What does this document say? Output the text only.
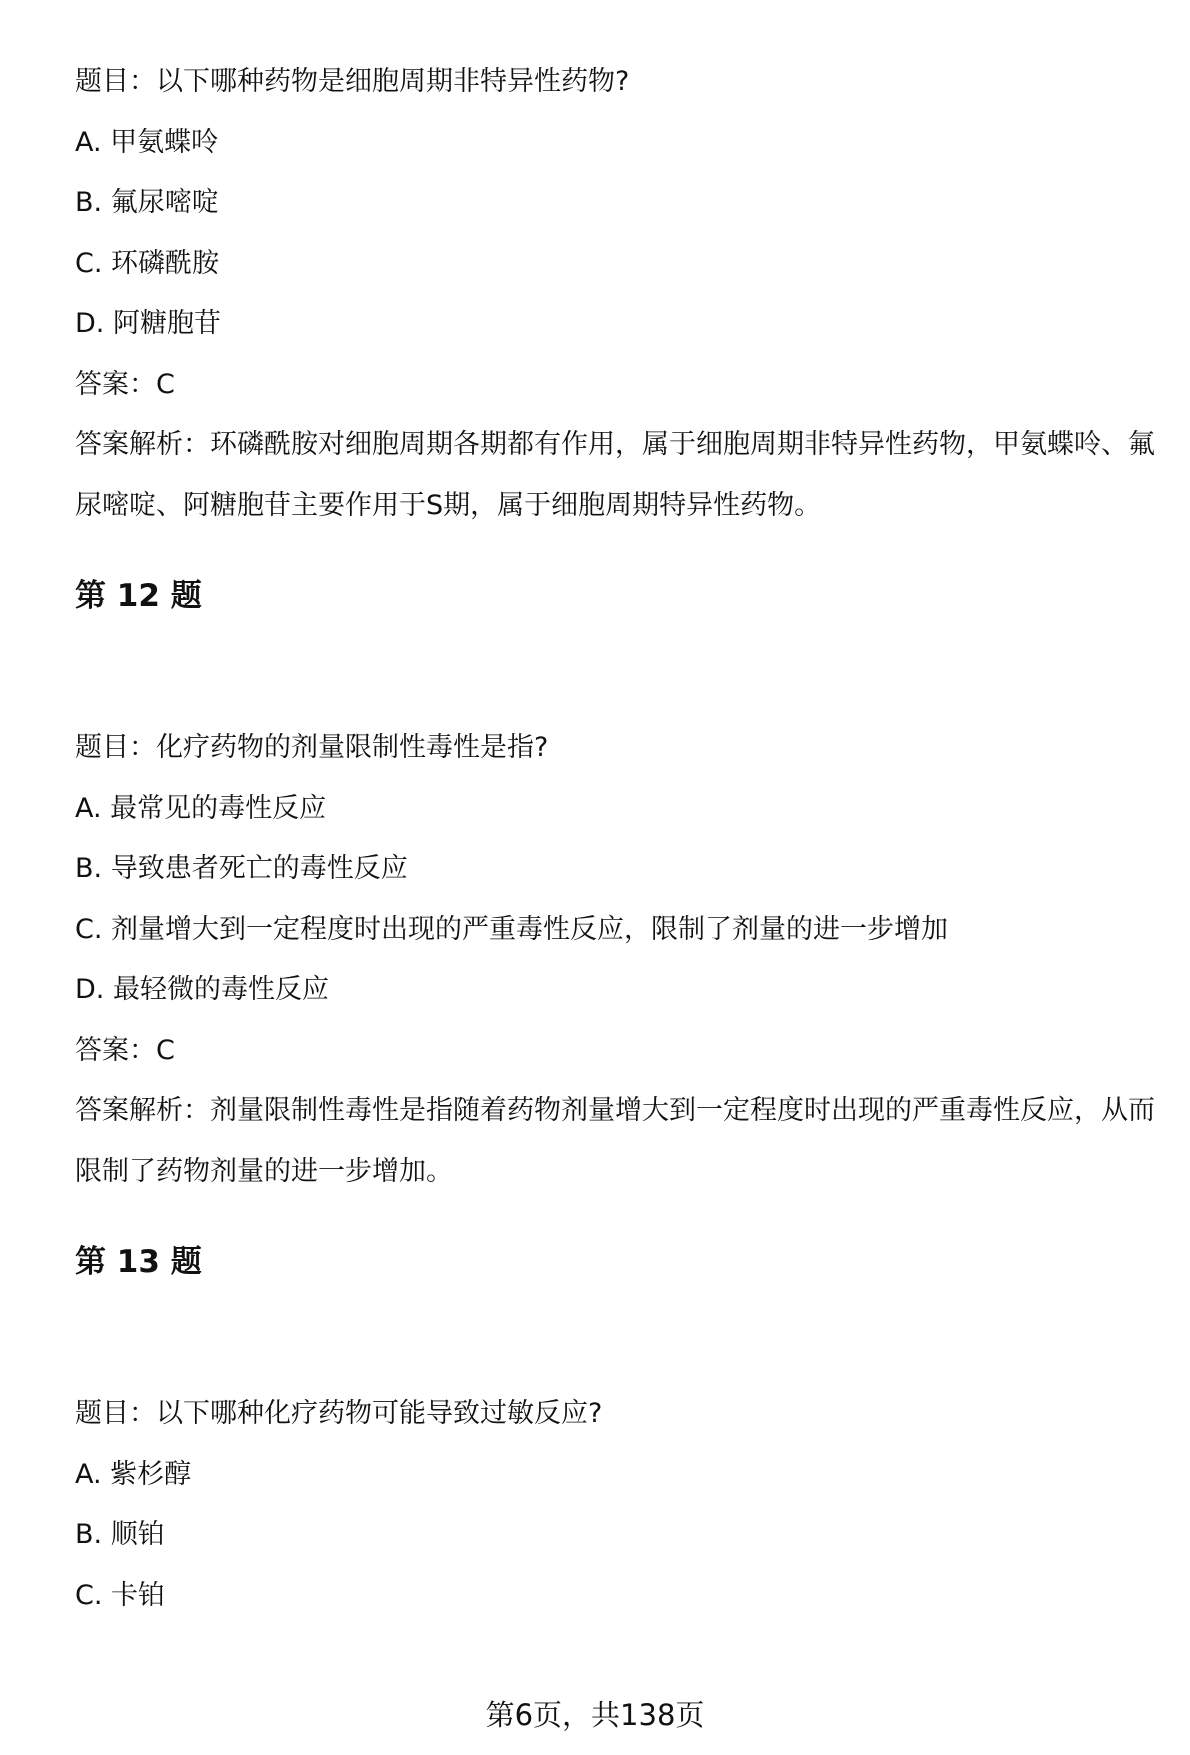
题目：以下哪种药物是细胞周期非特异性药物?
A. 甲氨蝶呤
B. 氟尿嘧啶
C. 环磷酰胺
D. 阿糖胞苷
答案：C
答案解析：环磷酰胺对细胞周期各期都有作用，属于细胞周期非特异性药物，甲氨蝶呤、氟尿嘧啶、阿糖胞苷主要作用于S期，属于细胞周期特异性药物。
第 12 题
题目：化疗药物的剂量限制性毒性是指?
A. 最常见的毒性反应
B. 导致患者死亡的毒性反应
C. 剂量增大到一定程度时出现的严重毒性反应，限制了剂量的进一步增加
D. 最轻微的毒性反应
答案：C
答案解析：剂量限制性毒性是指随着药物剂量增大到一定程度时出现的严重毒性反应，从而限制了药物剂量的进一步增加。
第 13 题
题目：以下哪种化疗药物可能导致过敏反应?
A. 紫杉醇
B. 顺铂
C. 卡铂
第6页，共138页
